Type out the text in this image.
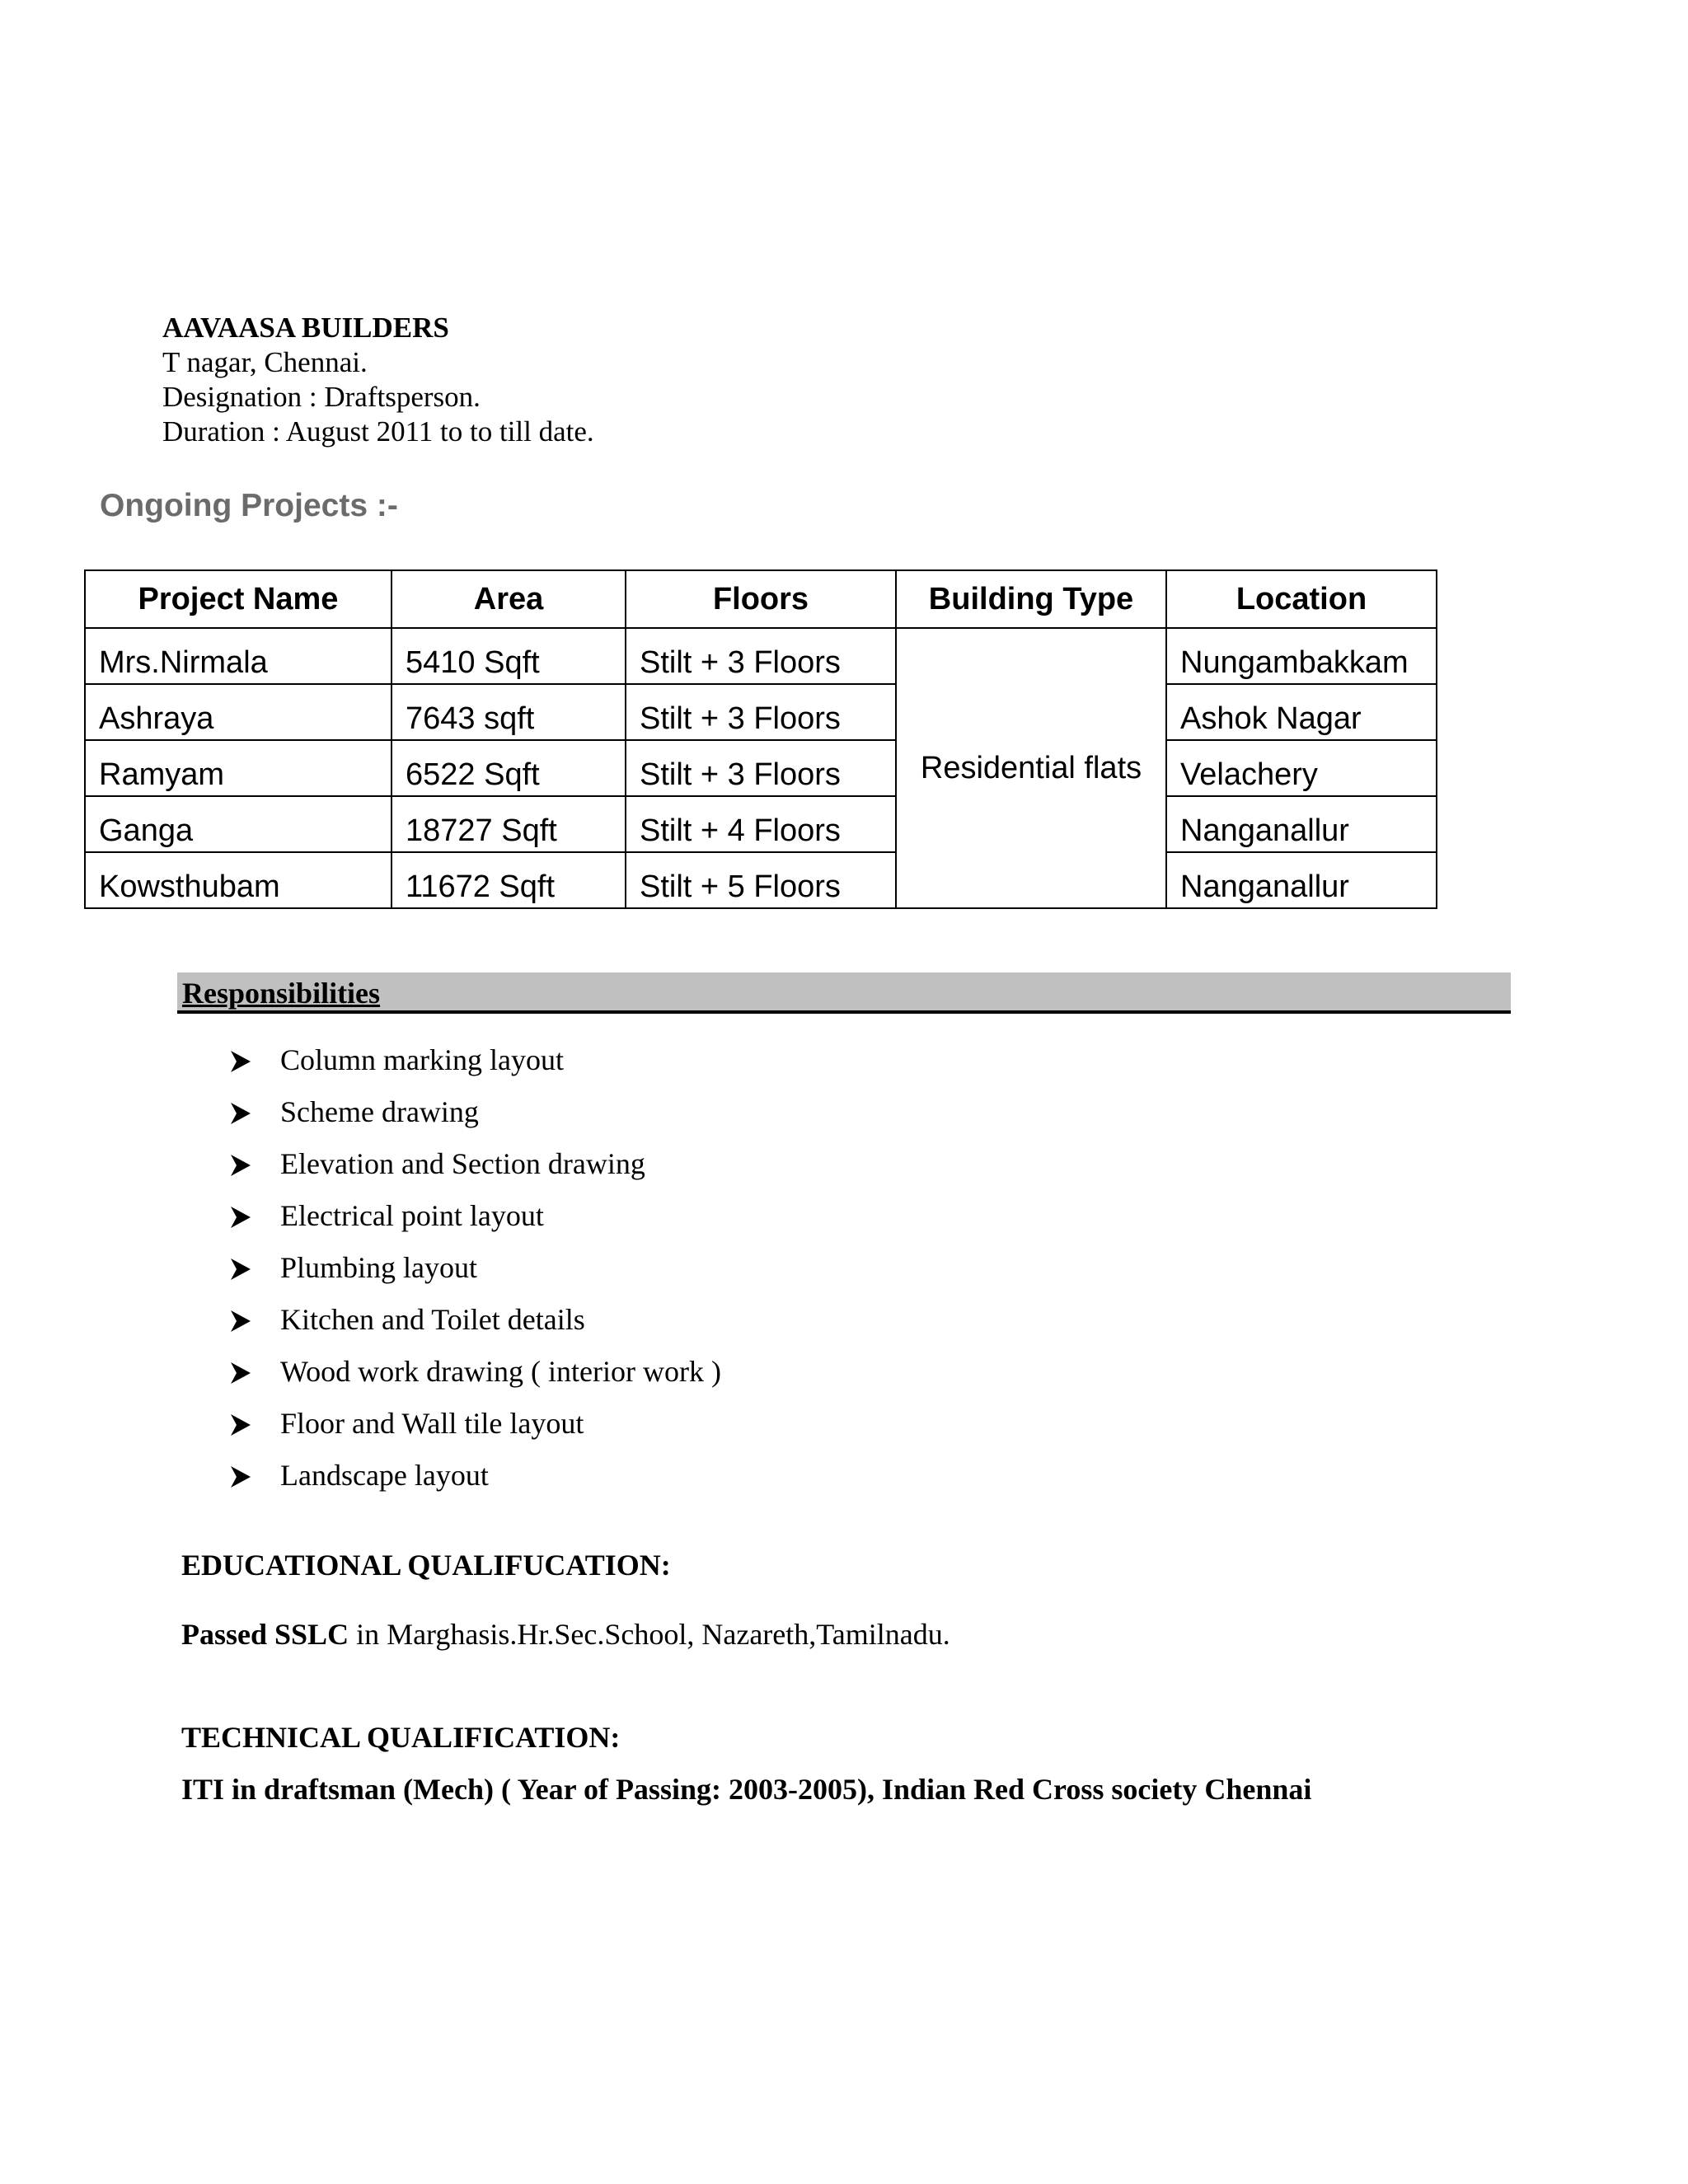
AAVAASA BUILDERS
T nagar, Chennai.
Designation : Draftsperson.
Duration : August 2011 to to till date.
Ongoing Projects :-
Project Name	Area	Floors	Building Type	Location
Mrs.Nirmala	5410 Sqft	Stilt + 3 Floors	Residential flats	Nungambakkam
Ashraya	7643 sqft	Stilt + 3 Floors		Ashok Nagar
Ramyam	6522 Sqft	Stilt + 3 Floors		Velachery
Ganga	18727 Sqft	Stilt + 4 Floors		Nanganallur
Kowsthubam	11672 Sqft	Stilt + 5 Floors		Nanganallur
Responsibilities
Column marking layout
Scheme drawing
Elevation and Section drawing
Electrical point layout
Plumbing layout
Kitchen and Toilet details
Wood work drawing ( interior work )
Floor and Wall tile layout
Landscape layout
EDUCATIONAL QUALIFUCATION:
Passed SSLC in Marghasis.Hr.Sec.School, Nazareth,Tamilnadu.
TECHNICAL QUALIFICATION:
ITI in draftsman (Mech) ( Year of Passing: 2003-2005), Indian Red Cross society Chennai
